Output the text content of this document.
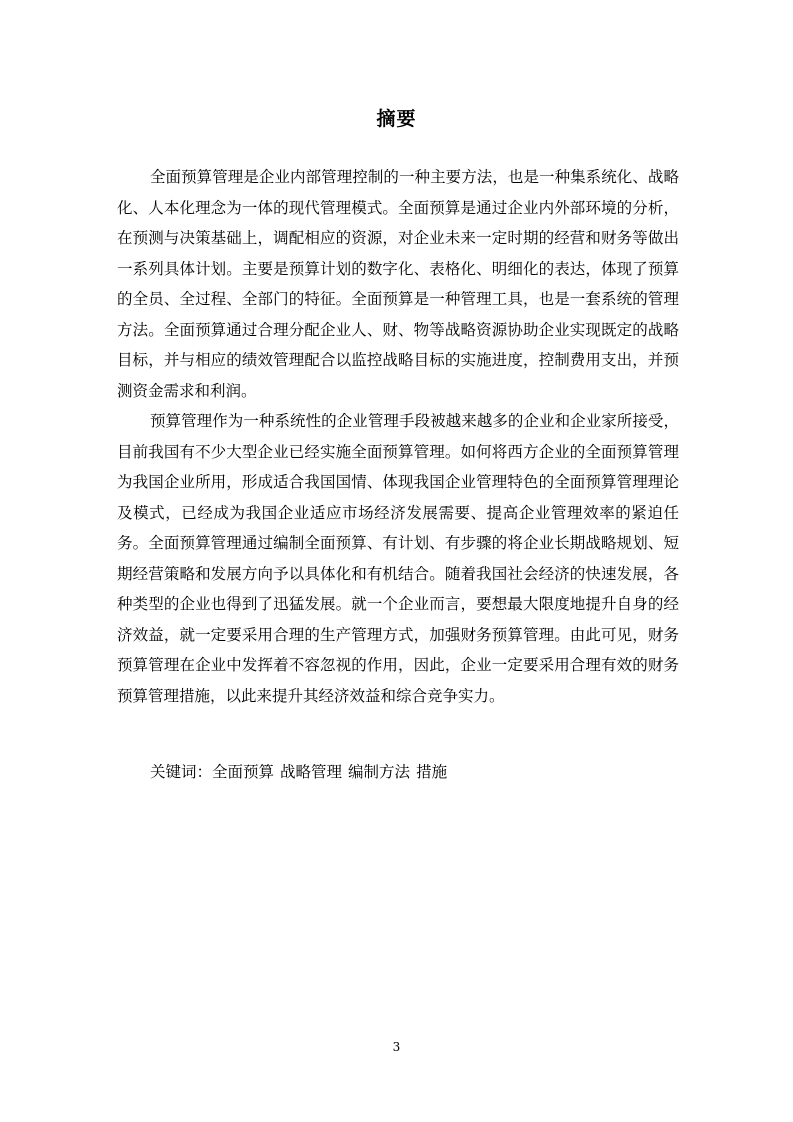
摘要

全面预算管理是企业内部管理控制的一种主要方法，也是一种集系统化、战略化、人本化理念为一体的现代管理模式。全面预算是通过企业内外部环境的分析，在预测与决策基础上，调配相应的资源，对企业未来一定时期的经营和财务等做出一系列具体计划。主要是预算计划的数字化、表格化、明细化的表达，体现了预算的全员、全过程、全部门的特征。全面预算是一种管理工具，也是一套系统的管理方法。全面预算通过合理分配企业人、财、物等战略资源协助企业实现既定的战略目标，并与相应的绩效管理配合以监控战略目标的实施进度，控制费用支出，并预测资金需求和利润。

预算管理作为一种系统性的企业管理手段被越来越多的企业和企业家所接受，目前我国有不少大型企业已经实施全面预算管理。如何将西方企业的全面预算管理为我国企业所用，形成适合我国国情、体现我国企业管理特色的全面预算管理理论及模式，已经成为我国企业适应市场经济发展需要、提高企业管理效率的紧迫任务。全面预算管理通过编制全面预算、有计划、有步骤的将企业长期战略规划、短期经营策略和发展方向予以具体化和有机结合。随着我国社会经济的快速发展，各种类型的企业也得到了迅猛发展。就一个企业而言，要想最大限度地提升自身的经济效益，就一定要采用合理的生产管理方式，加强财务预算管理。由此可见，财务预算管理在企业中发挥着不容忽视的作用，因此，企业一定要采用合理有效的财务预算管理措施，以此来提升其经济效益和综合竞争实力。

关键词：全面预算 战略管理 编制方法 措施

3
